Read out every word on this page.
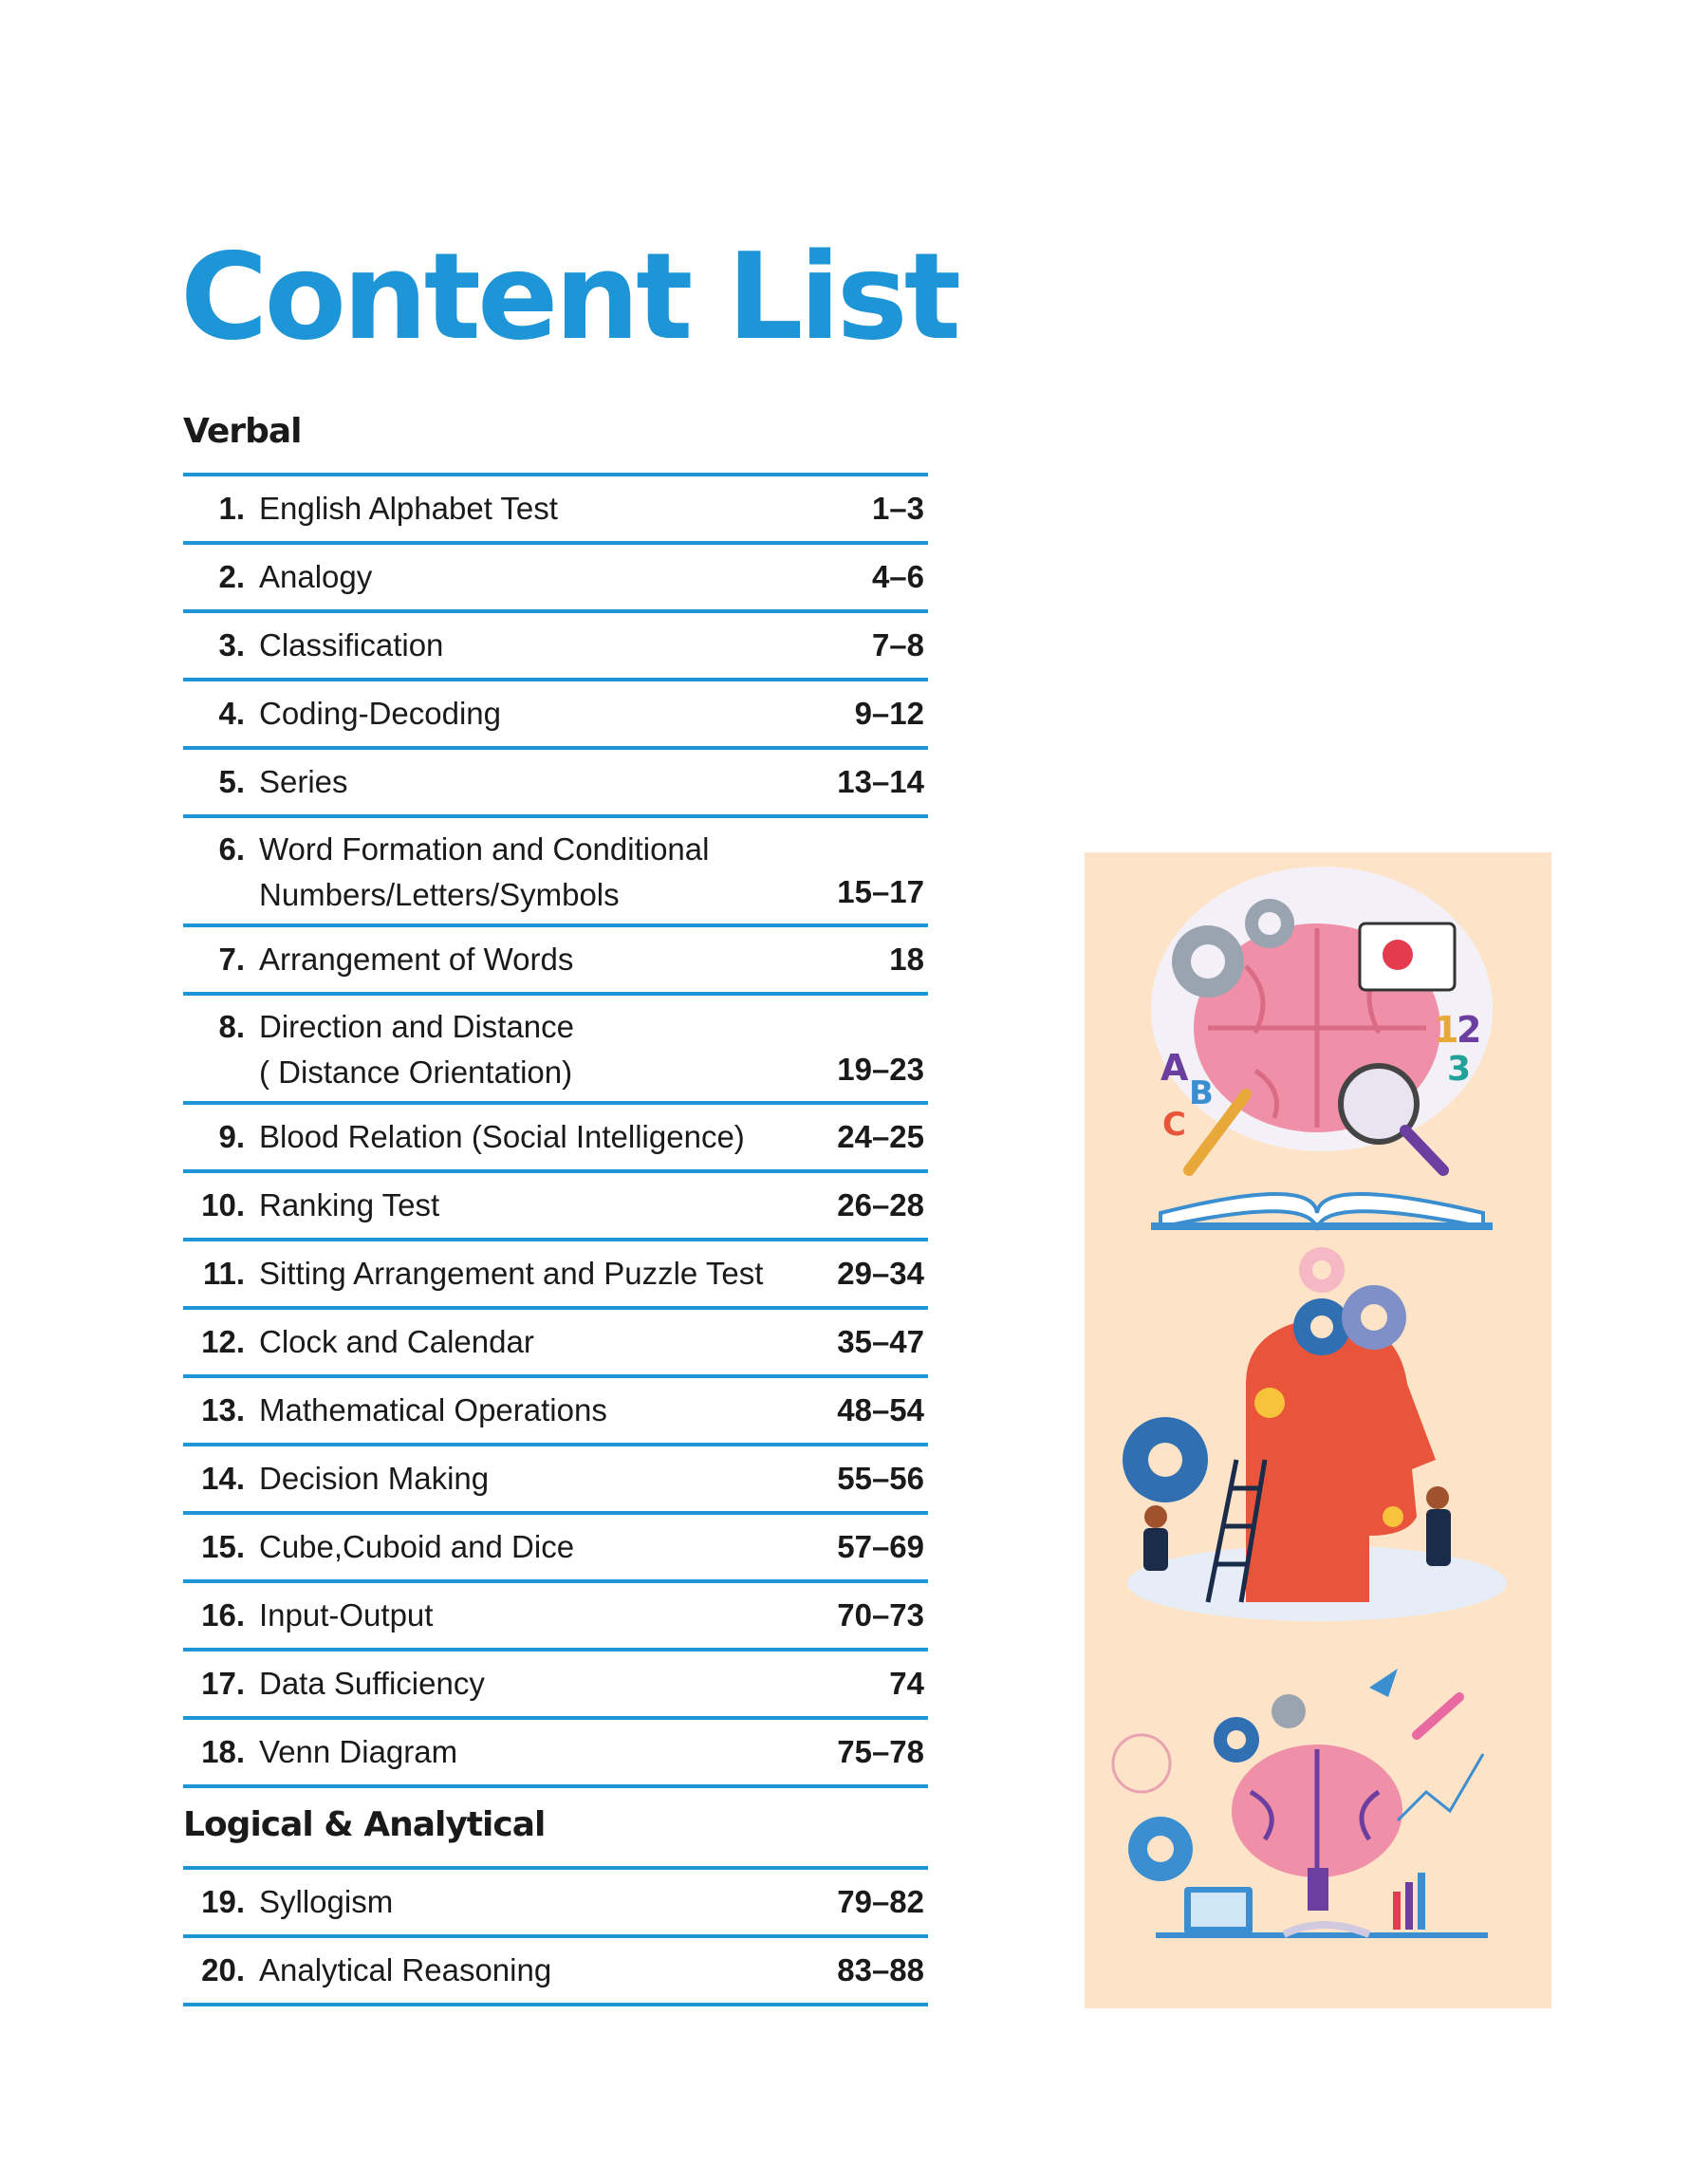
Content List
Verbal
1. English Alphabet Test	1–3
2. Analogy	4–6
3. Classification	7–8
4. Coding-Decoding	9–12
5. Series	13–14
6. Word Formation and Conditional
Numbers/Letters/Symbols	15–17
7. Arrangement of Words	18
8. Direction and Distance
( Distance Orientation)	19–23
9. Blood Relation (Social Intelligence)	24–25
10. Ranking Test	26–28
11. Sitting Arrangement and Puzzle Test	29–34
12. Clock and Calendar	35–47
13. Mathematical Operations	48–54
14. Decision Making	55–56
15. Cube,Cuboid and Dice	57–69
16. Input-Output	70–73
17. Data Sufficiency	74
18. Venn Diagram	75–78
Logical & Analytical
19. Syllogism	79–82
20. Analytical Reasoning	83–88
A
B
C
1
2
3
